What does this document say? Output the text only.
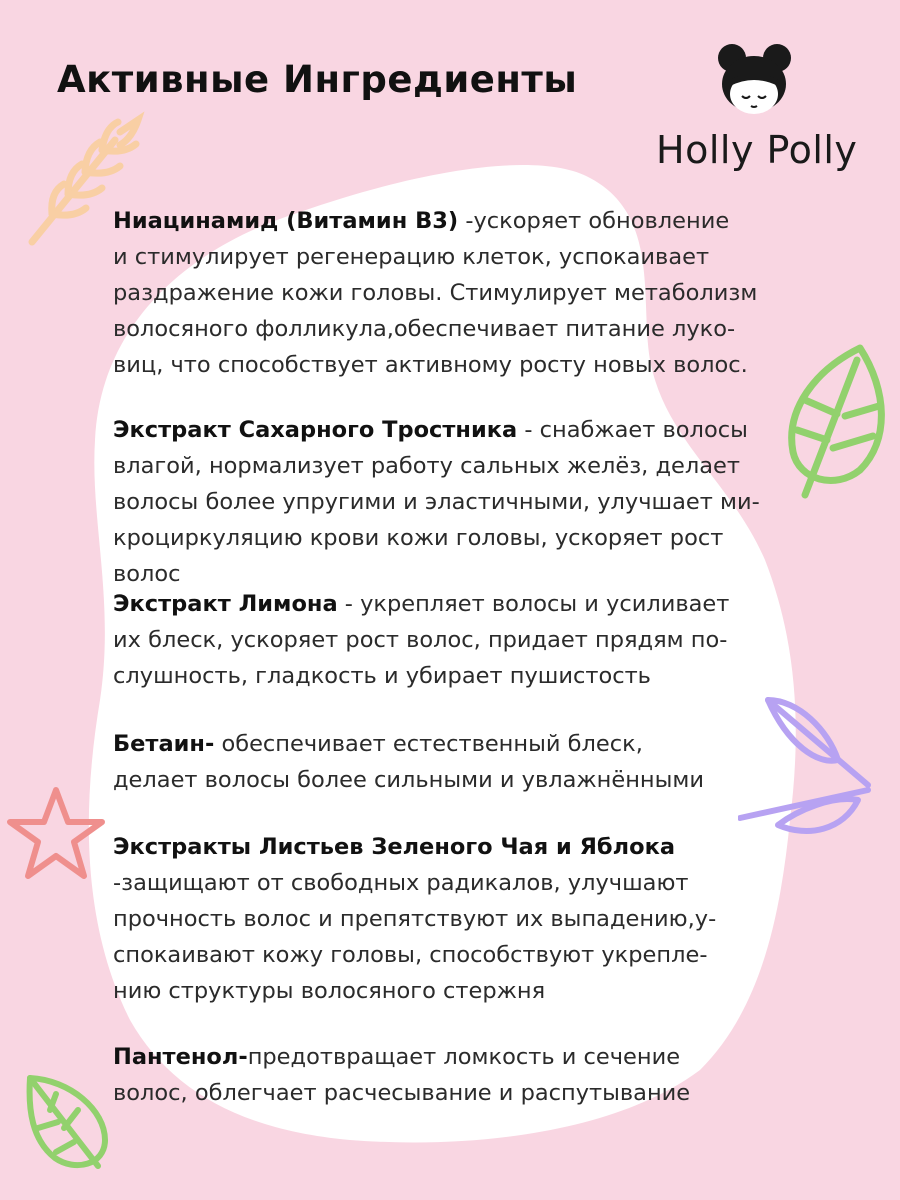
Активные Ингредиенты
Holly Polly
Ниацинамид (Витамин В3) -ускоряет обновление
и стимулирует регенерацию клеток, успокаивает
раздражение кожи головы. Стимулирует метаболизм
волосяного фолликула,обеспечивает питание луко-
виц, что способствует активному росту новых волос.
Экстракт Сахарного Тростника - снабжает волосы
влагой, нормализует работу сальных желёз, делает
волосы более упругими и эластичными, улучшает ми-
кроциркуляцию крови кожи головы, ускоряет рост волос
Экстракт Лимона - укрепляет волосы и усиливает
их блеск, ускоряет рост волос, придает прядям по-
слушность, гладкость и убирает пушистость
Бетаин- обеспечивает естественный блеск,
делает волосы более сильными и увлажнёнными
Экстракты Листьев Зеленого Чая и Яблока
-защищают от свободных радикалов, улучшают
прочность волос и препятствуют их выпадению,у-
спокаивают кожу головы, способствуют укрепле-
нию структуры волосяного стержня
Пантенол-предотвращает ломкость и сечение
волос, облегчает расчесывание и распутывание
